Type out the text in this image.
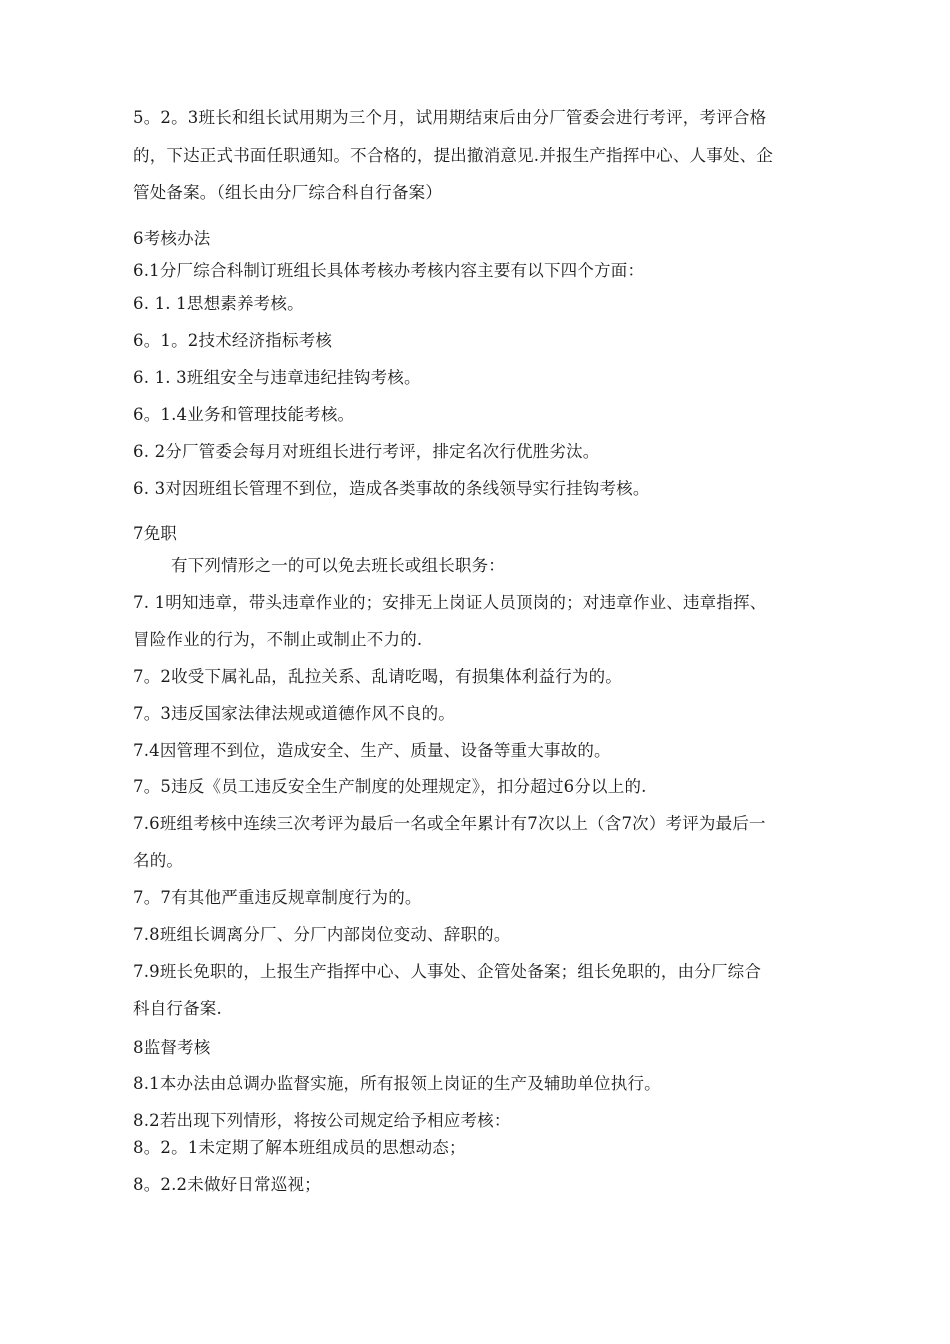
5。2。3班长和组长试用期为三个月，试用期结束后由分厂管委会进行考评，考评合格
的，下达正式书面任职通知。不合格的，提出撤消意见.并报生产指挥中心、人事处、企
管处备案。（组长由分厂综合科自行备案）
6考核办法
6.1分厂综合科制订班组长具体考核办考核内容主要有以下四个方面：
6. 1. 1思想素养考核。
6。1。2技术经济指标考核
6. 1. 3班组安全与违章违纪挂钩考核。
6。1.4业务和管理技能考核。
6. 2分厂管委会每月对班组长进行考评，排定名次行优胜劣汰。
6. 3对因班组长管理不到位，造成各类事故的条线领导实行挂钩考核。
7免职
有下列情形之一的可以免去班长或组长职务：
7. 1明知违章，带头违章作业的；安排无上岗证人员顶岗的；对违章作业、违章指挥、
冒险作业的行为，不制止或制止不力的.
7。2收受下属礼品，乱拉关系、乱请吃喝，有损集体利益行为的。
7。3违反国家法律法规或道德作风不良的。
7.4因管理不到位，造成安全、生产、质量、设备等重大事故的。
7。5违反《员工违反安全生产制度的处理规定》，扣分超过6分以上的.
7.6班组考核中连续三次考评为最后一名或全年累计有7次以上（含7次）考评为最后一
名的。
7。7有其他严重违反规章制度行为的。
7.8班组长调离分厂、分厂内部岗位变动、辞职的。
7.9班长免职的，上报生产指挥中心、人事处、企管处备案；组长免职的，由分厂综合
科自行备案.
8监督考核
8.1本办法由总调办监督实施，所有报领上岗证的生产及辅助单位执行。
8.2若出现下列情形，将按公司规定给予相应考核：
8。2。1未定期了解本班组成员的思想动态；
8。2.2未做好日常巡视；
